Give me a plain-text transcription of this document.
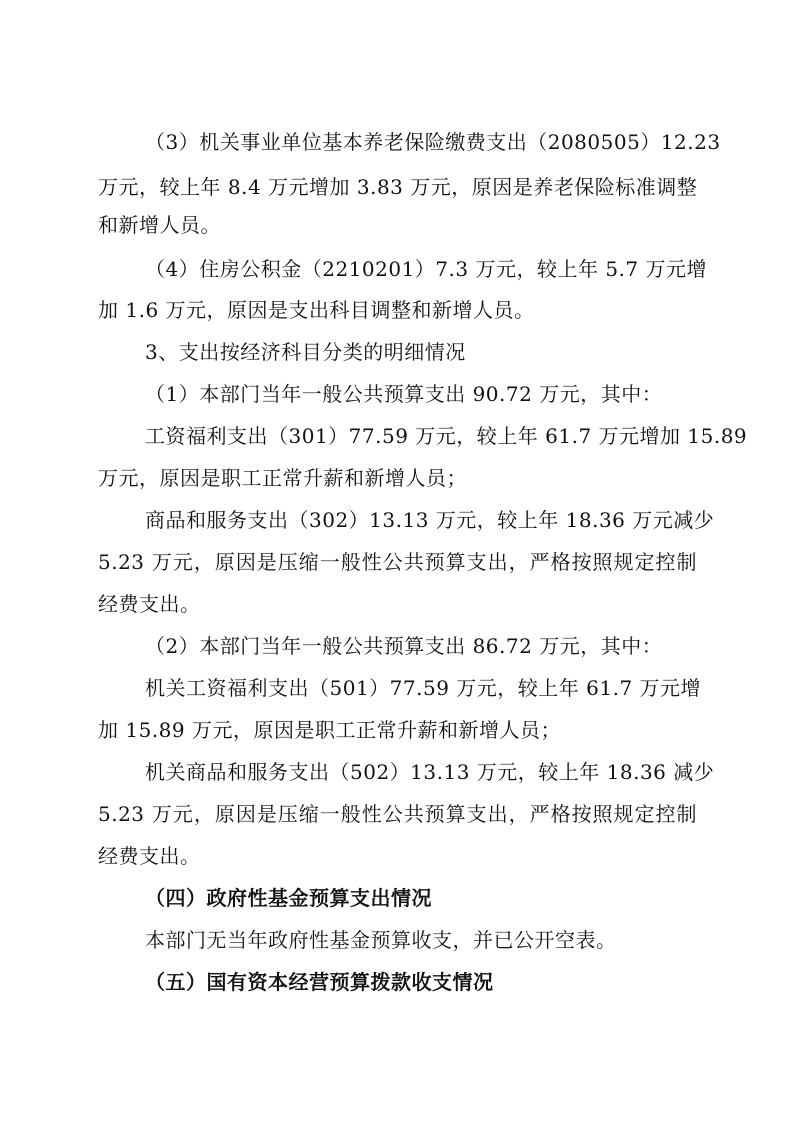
（3）机关事业单位基本养老保险缴费支出（2080505）12.23
万元，较上年 8.4 万元增加 3.83 万元，原因是养老保险标准调整
和新增人员。
（4）住房公积金（2210201）7.3 万元，较上年 5.7 万元增
加 1.6 万元，原因是支出科目调整和新增人员。
3、支出按经济科目分类的明细情况
（1）本部门当年一般公共预算支出 90.72 万元，其中：
工资福利支出（301）77.59 万元，较上年 61.7 万元增加 15.89
万元，原因是职工正常升薪和新增人员；
商品和服务支出（302）13.13 万元，较上年 18.36 万元减少
5.23 万元，原因是压缩一般性公共预算支出，严格按照规定控制
经费支出。
（2）本部门当年一般公共预算支出 86.72 万元，其中：
机关工资福利支出（501）77.59 万元，较上年 61.7 万元增
加 15.89 万元，原因是职工正常升薪和新增人员；
机关商品和服务支出（502）13.13 万元，较上年 18.36 减少
5.23 万元，原因是压缩一般性公共预算支出，严格按照规定控制
经费支出。
（四）政府性基金预算支出情况
本部门无当年政府性基金预算收支，并已公开空表。
（五）国有资本经营预算拨款收支情况
